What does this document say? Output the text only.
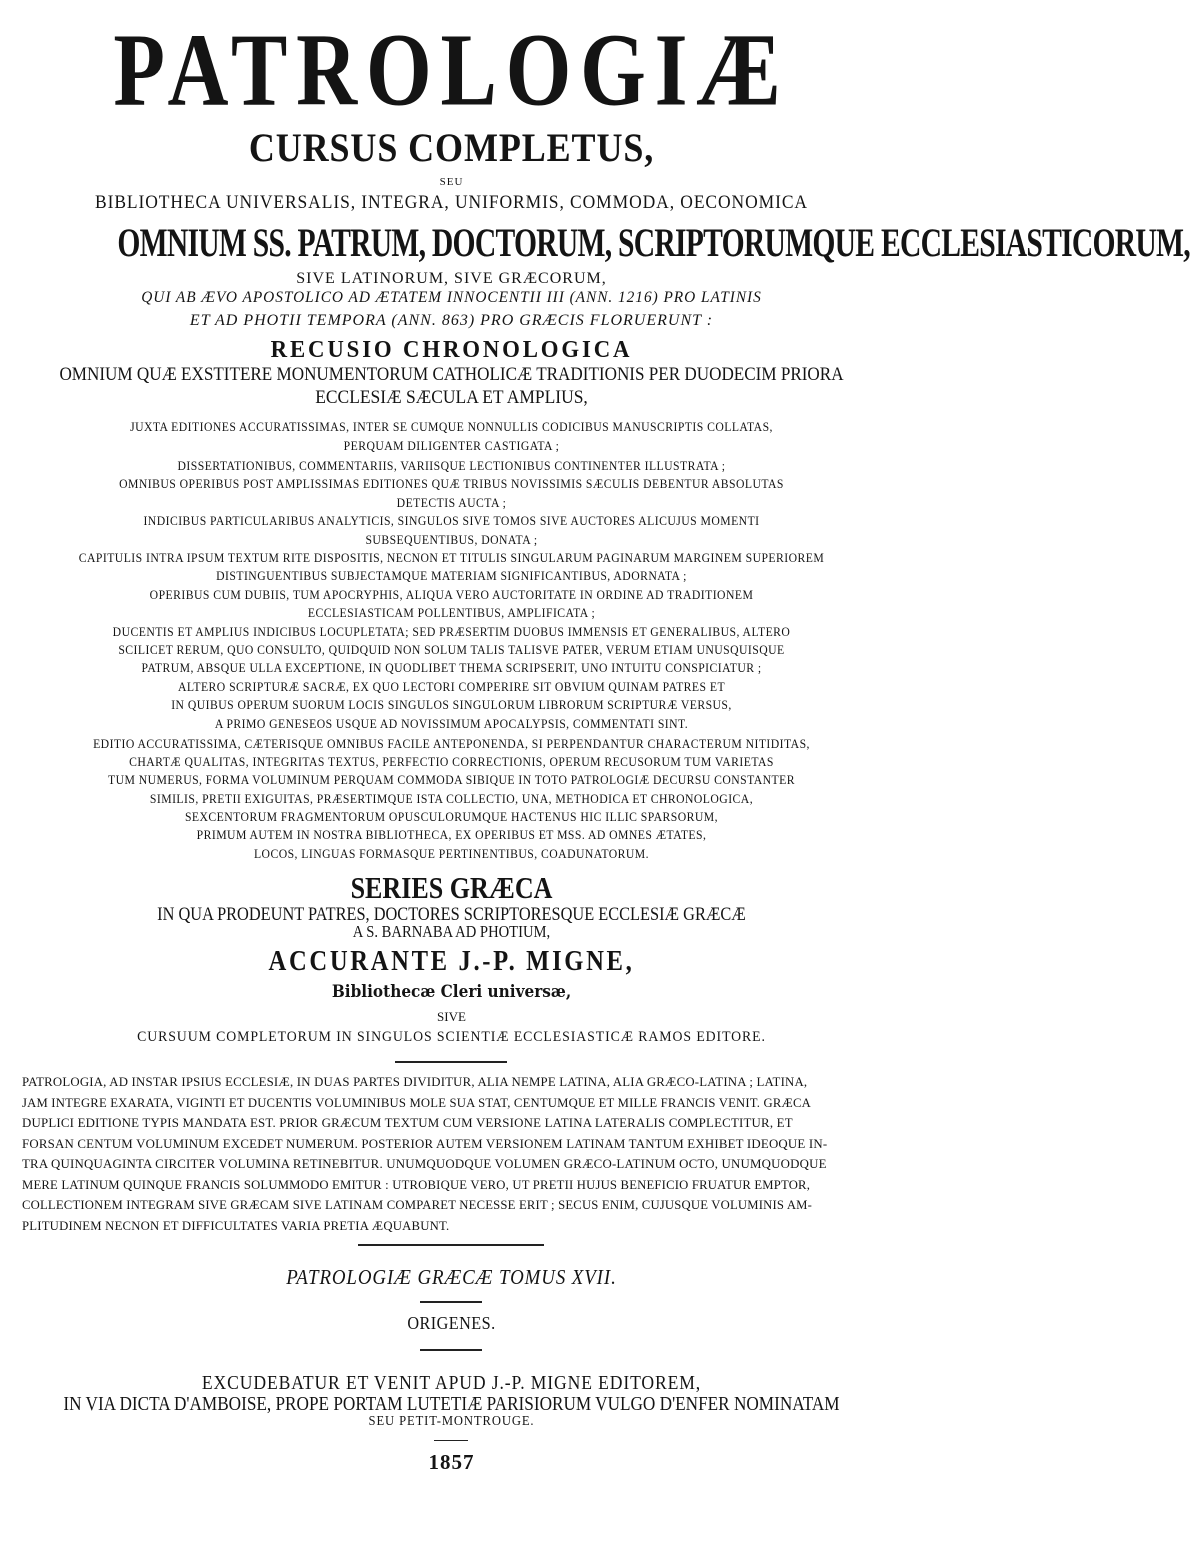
PATROLOGIÆ
CURSUS COMPLETUS,
SEU
BIBLIOTHECA UNIVERSALIS, INTEGRA, UNIFORMIS, COMMODA, OECONOMICA
OMNIUM SS. PATRUM, DOCTORUM, SCRIPTORUMQUE ECCLESIASTICORUM,
SIVE LATINORUM, SIVE GRÆCORUM,
QUI AB ÆVO APOSTOLICO AD ÆTATEM INNOCENTII III (ANN. 1216) PRO LATINIS
ET AD PHOTII TEMPORA (ANN. 863) PRO GRÆCIS FLORUERUNT :
RECUSIO CHRONOLOGICA
OMNIUM QUÆ EXSTITERE MONUMENTORUM CATHOLICÆ TRADITIONIS PER DUODECIM PRIORA
ECCLESIÆ SÆCULA ET AMPLIUS,
JUXTA EDITIONES ACCURATISSIMAS, INTER SE CUMQUE NONNULLIS CODICIBUS MANUSCRIPTIS COLLATAS,
PERQUAM DILIGENTER CASTIGATA ;
DISSERTATIONIBUS, COMMENTARIIS, VARIISQUE LECTIONIBUS CONTINENTER ILLUSTRATA ;
OMNIBUS OPERIBUS POST AMPLISSIMAS EDITIONES QUÆ TRIBUS NOVISSIMIS SÆCULIS DEBENTUR ABSOLUTAS
DETECTIS AUCTA ;
INDICIBUS PARTICULARIBUS ANALYTICIS, SINGULOS SIVE TOMOS SIVE AUCTORES ALICUJUS MOMENTI
SUBSEQUENTIBUS, DONATA ;
CAPITULIS INTRA IPSUM TEXTUM RITE DISPOSITIS, NECNON ET TITULIS SINGULARUM PAGINARUM MARGINEM SUPERIOREM
DISTINGUENTIBUS SUBJECTAMQUE MATERIAM SIGNIFICANTIBUS, ADORNATA ;
OPERIBUS CUM DUBIIS, TUM APOCRYPHIS, ALIQUA VERO AUCTORITATE IN ORDINE AD TRADITIONEM
ECCLESIASTICAM POLLENTIBUS, AMPLIFICATA ;
DUCENTIS ET AMPLIUS INDICIBUS LOCUPLETATA; SED PRÆSERTIM DUOBUS IMMENSIS ET GENERALIBUS, ALTERO
SCILICET RERUM, QUO CONSULTO, QUIDQUID NON SOLUM TALIS TALISVE PATER, VERUM ETIAM UNUSQUISQUE
PATRUM, ABSQUE ULLA EXCEPTIONE, IN QUODLIBET THEMA SCRIPSERIT, UNO INTUITU CONSPICIATUR ;
ALTERO SCRIPTURÆ SACRÆ, EX QUO LECTORI COMPERIRE SIT OBVIUM QUINAM PATRES ET
IN QUIBUS OPERUM SUORUM LOCIS SINGULOS SINGULORUM LIBRORUM SCRIPTURÆ VERSUS,
A PRIMO GENESEOS USQUE AD NOVISSIMUM APOCALYPSIS, COMMENTATI SINT.
EDITIO ACCURATISSIMA, CÆTERISQUE OMNIBUS FACILE ANTEPONENDA, SI PERPENDANTUR CHARACTERUM NITIDITAS,
CHARTÆ QUALITAS, INTEGRITAS TEXTUS, PERFECTIO CORRECTIONIS, OPERUM RECUSORUM TUM VARIETAS
TUM NUMERUS, FORMA VOLUMINUM PERQUAM COMMODA SIBIQUE IN TOTO PATROLOGIÆ DECURSU CONSTANTER
SIMILIS, PRETII EXIGUITAS, PRÆSERTIMQUE ISTA COLLECTIO, UNA, METHODICA ET CHRONOLOGICA,
SEXCENTORUM FRAGMENTORUM OPUSCULORUMQUE HACTENUS HIC ILLIC SPARSORUM,
PRIMUM AUTEM IN NOSTRA BIBLIOTHECA, EX OPERIBUS ET MSS. AD OMNES ÆTATES,
LOCOS, LINGUAS FORMASQUE PERTINENTIBUS, COADUNATORUM.
SERIES GRÆCA
IN QUA PRODEUNT PATRES, DOCTORES SCRIPTORESQUE ECCLESIÆ GRÆCÆ
A S. BARNABA AD PHOTIUM,
ACCURANTE J.-P. MIGNE,
Bibliothecæ Cleri universæ,
SIVE
CURSUUM COMPLETORUM IN SINGULOS SCIENTIÆ ECCLESIASTICÆ RAMOS EDITORE.
PATROLOGIA, AD INSTAR IPSIUS ECCLESIÆ, IN DUAS PARTES DIVIDITUR, ALIA NEMPE LATINA, ALIA GRÆCO-LATINA ; LATINA,
JAM INTEGRE EXARATA, VIGINTI ET DUCENTIS VOLUMINIBUS MOLE SUA STAT, CENTUMQUE ET MILLE FRANCIS VENIT. GRÆCA
DUPLICI EDITIONE TYPIS MANDATA EST. PRIOR GRÆCUM TEXTUM CUM VERSIONE LATINA LATERALIS COMPLECTITUR, ET
FORSAN CENTUM VOLUMINUM EXCEDET NUMERUM. POSTERIOR AUTEM VERSIONEM LATINAM TANTUM EXHIBET IDEOQUE IN-
TRA QUINQUAGINTA CIRCITER VOLUMINA RETINEBITUR. UNUMQUODQUE VOLUMEN GRÆCO-LATINUM OCTO, UNUMQUODQUE
MERE LATINUM QUINQUE FRANCIS SOLUMMODO EMITUR : UTROBIQUE VERO, UT PRETII HUJUS BENEFICIO FRUATUR EMPTOR,
COLLECTIONEM INTEGRAM SIVE GRÆCAM SIVE LATINAM COMPARET NECESSE ERIT ; SECUS ENIM, CUJUSQUE VOLUMINIS AM-
PLITUDINEM NECNON ET DIFFICULTATES VARIA PRETIA ÆQUABUNT.
PATROLOGIÆ GRÆCÆ TOMUS XVII.
ORIGENES.
EXCUDEBATUR ET VENIT APUD J.-P. MIGNE EDITOREM,
IN VIA DICTA D'AMBOISE, PROPE PORTAM LUTETIÆ PARISIORUM VULGO D'ENFER NOMINATAM
SEU PETIT-MONTROUGE.
1857
